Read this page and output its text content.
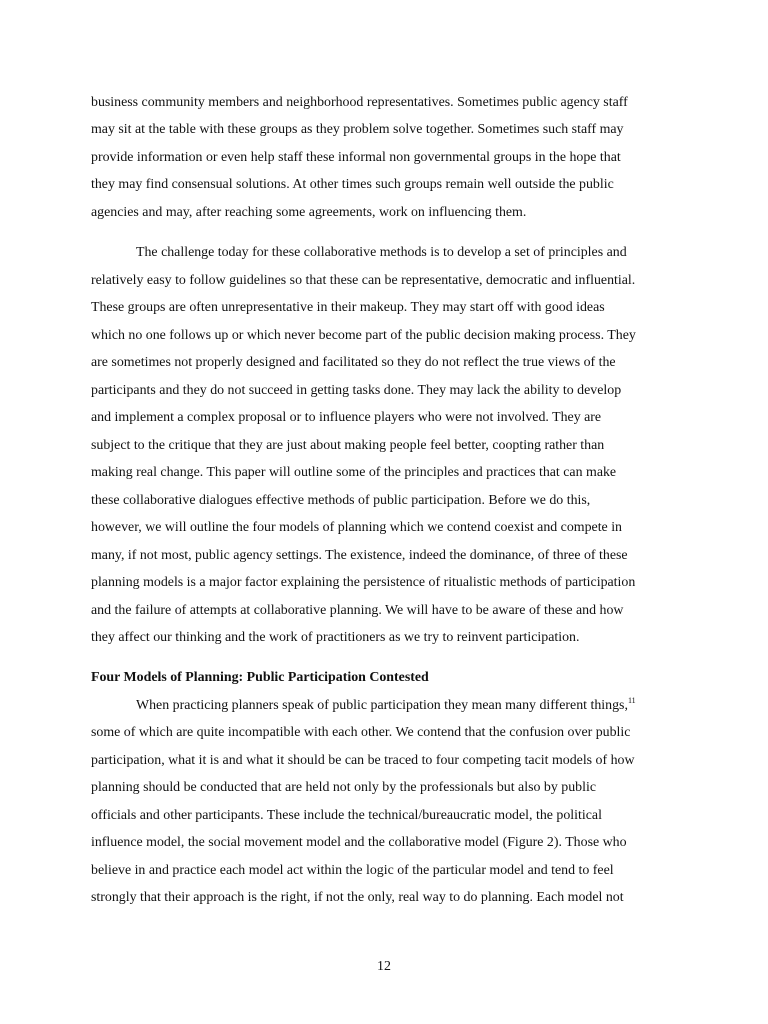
business community members and neighborhood representatives. Sometimes public agency staff
may sit at the table with these groups as they problem solve together. Sometimes such staff may
provide information or even help staff these informal non governmental groups in the hope that
they may find consensual solutions. At other times such groups remain well outside the public
agencies and may, after reaching some agreements, work on influencing them.
The challenge today for these collaborative methods is to develop a set of principles and
relatively easy to follow guidelines so that these can be representative, democratic and influential.
These groups are often unrepresentative in their makeup. They may start off with good ideas
which no one follows up or which never become part of the public decision making process. They
are sometimes not properly designed and facilitated so they do not reflect the true views of the
participants and they do not succeed in getting tasks done. They may lack the ability to develop
and implement a complex proposal or to influence players who were not involved. They are
subject to the critique that they are just about making people feel better, coopting rather than
making real change. This paper will outline some of the principles and practices that can make
these collaborative dialogues effective methods of public participation. Before we do this,
however, we will outline the four models of planning which we contend coexist and compete in
many, if not most, public agency settings. The existence, indeed the dominance, of three of these
planning models is a major factor explaining the persistence of ritualistic methods of participation
and the failure of attempts at collaborative planning. We will have to be aware of these and how
they affect our thinking and the work of practitioners as we try to reinvent participation.
Four Models of Planning: Public Participation Contested
When practicing planners speak of public participation they mean many different things,$^{11}$
some of which are quite incompatible with each other. We contend that the confusion over public
participation, what it is and what it should be can be traced to four competing tacit models of how
planning should be conducted that are held not only by the professionals but also by public
officials and other participants. These include the technical/bureaucratic model, the political
influence model, the social movement model and the collaborative model (Figure 2). Those who
believe in and practice each model act within the logic of the particular model and tend to feel
strongly that their approach is the right, if not the only, real way to do planning. Each model not
12
